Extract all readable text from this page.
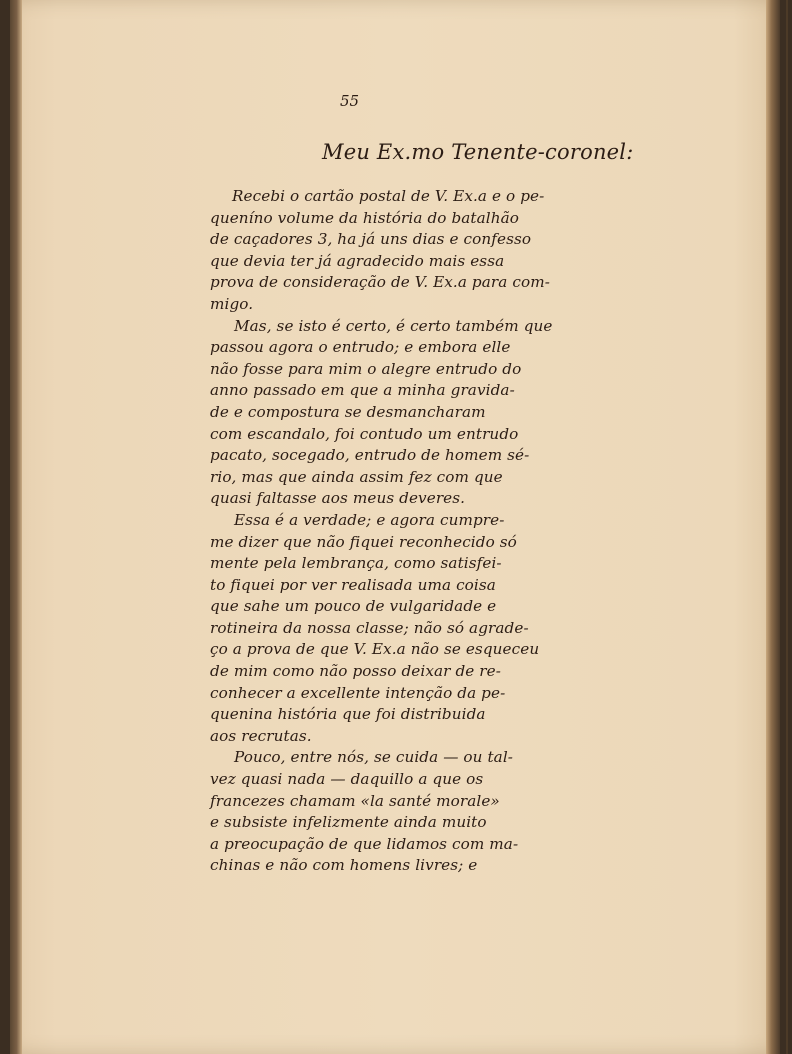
55
Meu Ex.mo Tenente-coronel:
Recebi o cartão postal de V. Ex.a e o pe-
queníno volume da história do batalhão
de caçadores 3, ha já uns dias e confesso
que devia ter já agradecido mais essa
prova de consideração de V. Ex.a para com-
migo.
Mas, se isto é certo, é certo também que
passou agora o entrudo; e embora elle
não fosse para mim o alegre entrudo do
anno passado em que a minha gravida-
de e compostura se desmancharam
com escandalo, foi contudo um entrudo
pacato, socegado, entrudo de homem sé-
rio, mas que ainda assim fez com que
quasi faltasse aos meus deveres.
Essa é a verdade; e agora cumpre-
me dizer que não fiquei reconhecido só
mente pela lembrança, como satisfei-
to fiquei por ver realisada uma coisa
que sahe um pouco de vulgaridade e
rotineira da nossa classe; não só agrade-
ço a prova de que V. Ex.a não se esqueceu
de mim como não posso deixar de re-
conhecer a excellente intenção da pe-
quenina história que foi distribuida
aos recrutas.
Pouco, entre nós, se cuida — ou tal-
vez quasi nada — daquillo a que os
francezes chamam «la santé morale»
e subsiste infelizmente ainda muito
a preocupação de que lidamos com ma-
chinas e não com homens livres; e
